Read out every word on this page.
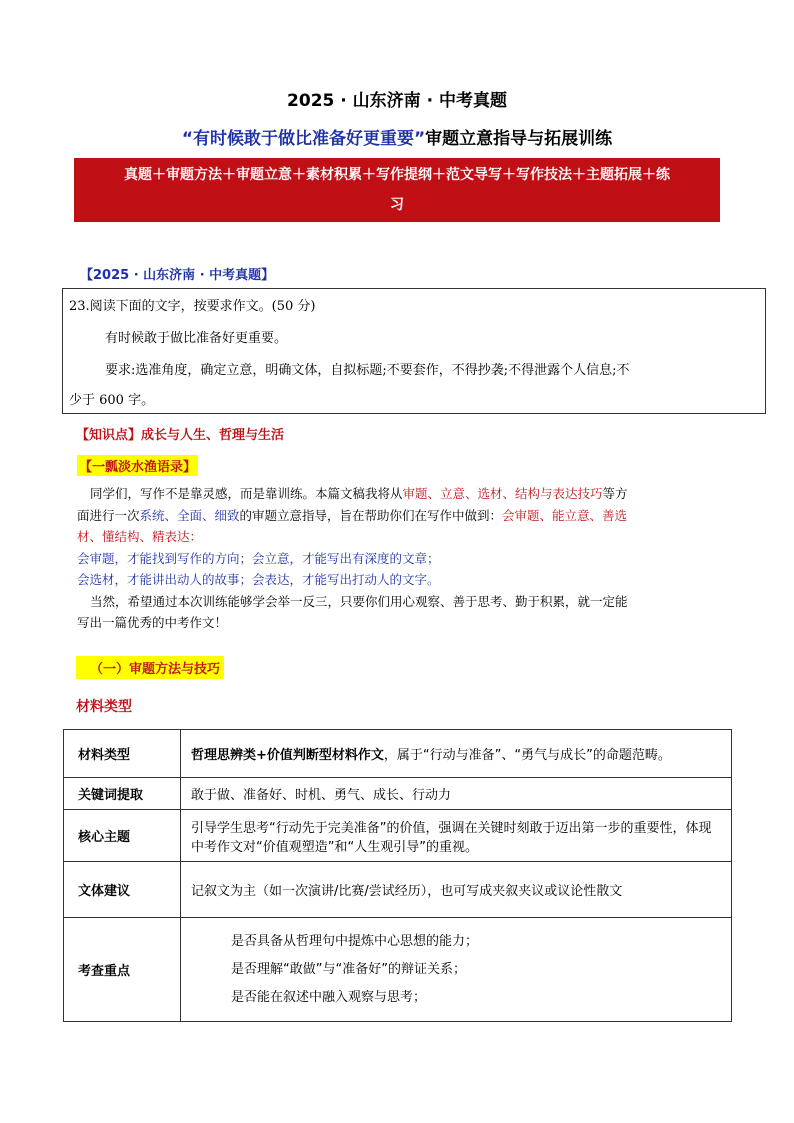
2025 · 山东济南 · 中考真题
“有时候敢于做比准备好更重要”审题立意指导与拓展训练
真题＋审题方法＋审题立意＋素材积累＋写作提纲＋范文导写＋写作技法＋主题拓展＋练
习
【2025 · 山东济南 · 中考真题】
23.阅读下面的文字，按要求作文。(50 分)
有时候敢于做比准备好更重要。
要求:选准角度，确定立意，明确文体，自拟标题;不要套作，不得抄袭;不得泄露个人信息;不
少于 600 字。
【知识点】成长与人生、哲理与生活
【一瓢淡水渔语录】
同学们，写作不是靠灵感，而是靠训练。本篇文稿我将从审题、立意、选材、结构与表达技巧等方
面进行一次系统、全面、细致的审题立意指导，旨在帮助你们在写作中做到：会审题、能立意、善选
材、懂结构、精表达：
会审题，才能找到写作的方向；会立意，才能写出有深度的文章；
会选材，才能讲出动人的故事；会表达，才能写出打动人的文字。
当然，希望通过本次训练能够学会举一反三，只要你们用心观察、善于思考、勤于积累，就一定能
写出一篇优秀的中考作文！
（一）审题方法与技巧
材料类型
材料类型	哲理思辨类+价值判断型材料作文，属于“行动与准备”、“勇气与成长”的命题范畴。
关键词提取	敢于做、准备好、时机、勇气、成长、行动力
核心主题	引导学生思考“行动先于完美准备”的价值，强调在关键时刻敢于迈出第一步的重要性，体现中考作文对“价值观塑造”和“人生观引导”的重视。
文体建议	记叙文为主（如一次演讲/比赛/尝试经历），也可写成夹叙夹议或议论性散文
考查重点	是否具备从哲理句中提炼中心思想的能力；
是否理解“敢做”与“准备好”的辩证关系；
是否能在叙述中融入观察与思考；
